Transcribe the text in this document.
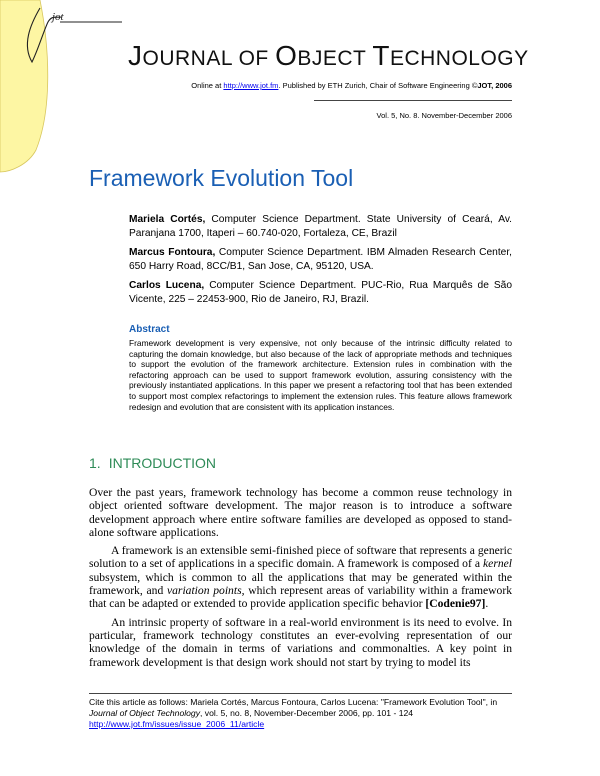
jot
JOURNAL OF OBJECT TECHNOLOGY
Online at http://www.jot.fm. Published by ETH Zurich, Chair of Software Engineering ©JOT, 2006
Vol. 5, No. 8. November-December 2006
Framework Evolution Tool
Mariela Cortés, Computer Science Department. State University of Ceará, Av. Paranjana 1700, Itaperi – 60.740-020, Fortaleza, CE, Brazil
Marcus Fontoura, Computer Science Department. IBM Almaden Research Center, 650 Harry Road, 8CC/B1, San Jose, CA, 95120, USA.
Carlos Lucena, Computer Science Department. PUC-Rio, Rua Marquês de São Vicente, 225 – 22453-900, Rio de Janeiro, RJ, Brazil.
Abstract
Framework development is very expensive, not only because of the intrinsic difficulty related to capturing the domain knowledge, but also because of the lack of appropriate methods and techniques to support the evolution of the framework architecture. Extension rules in combination with the refactoring approach can be used to support framework evolution, assuring consistency with the previously instantiated applications. In this paper we present a refactoring tool that has been extended to support most complex refactorings to implement the extension rules. This feature allows framework redesign and evolution that are consistent with its application instances.
1. INTRODUCTION

Over the past years, framework technology has become a common reuse technology in object oriented software development. The major reason is to introduce a software development approach where entire software families are developed as opposed to stand-alone software applications.

A framework is an extensible semi-finished piece of software that represents a generic solution to a set of applications in a specific domain. A framework is composed of a kernel subsystem, which is common to all the applications that may be generated within the framework, and variation points, which represent areas of variability within a framework that can be adapted or extended to provide application specific behavior [Codenie97].

An intrinsic property of software in a real-world environment is its need to evolve. In particular, framework technology constitutes an ever-evolving representation of our knowledge of the domain in terms of variations and commonalties. A key point in framework development is that design work should not start by trying to model its

Cite this article as follows: Mariela Cortés, Marcus Fontoura, Carlos Lucena: "Framework Evolution Tool", in Journal of Object Technology, vol. 5, no. 8, November-December 2006, pp. 101 - 124 http://www.jot.fm/issues/issue_2006_11/article
